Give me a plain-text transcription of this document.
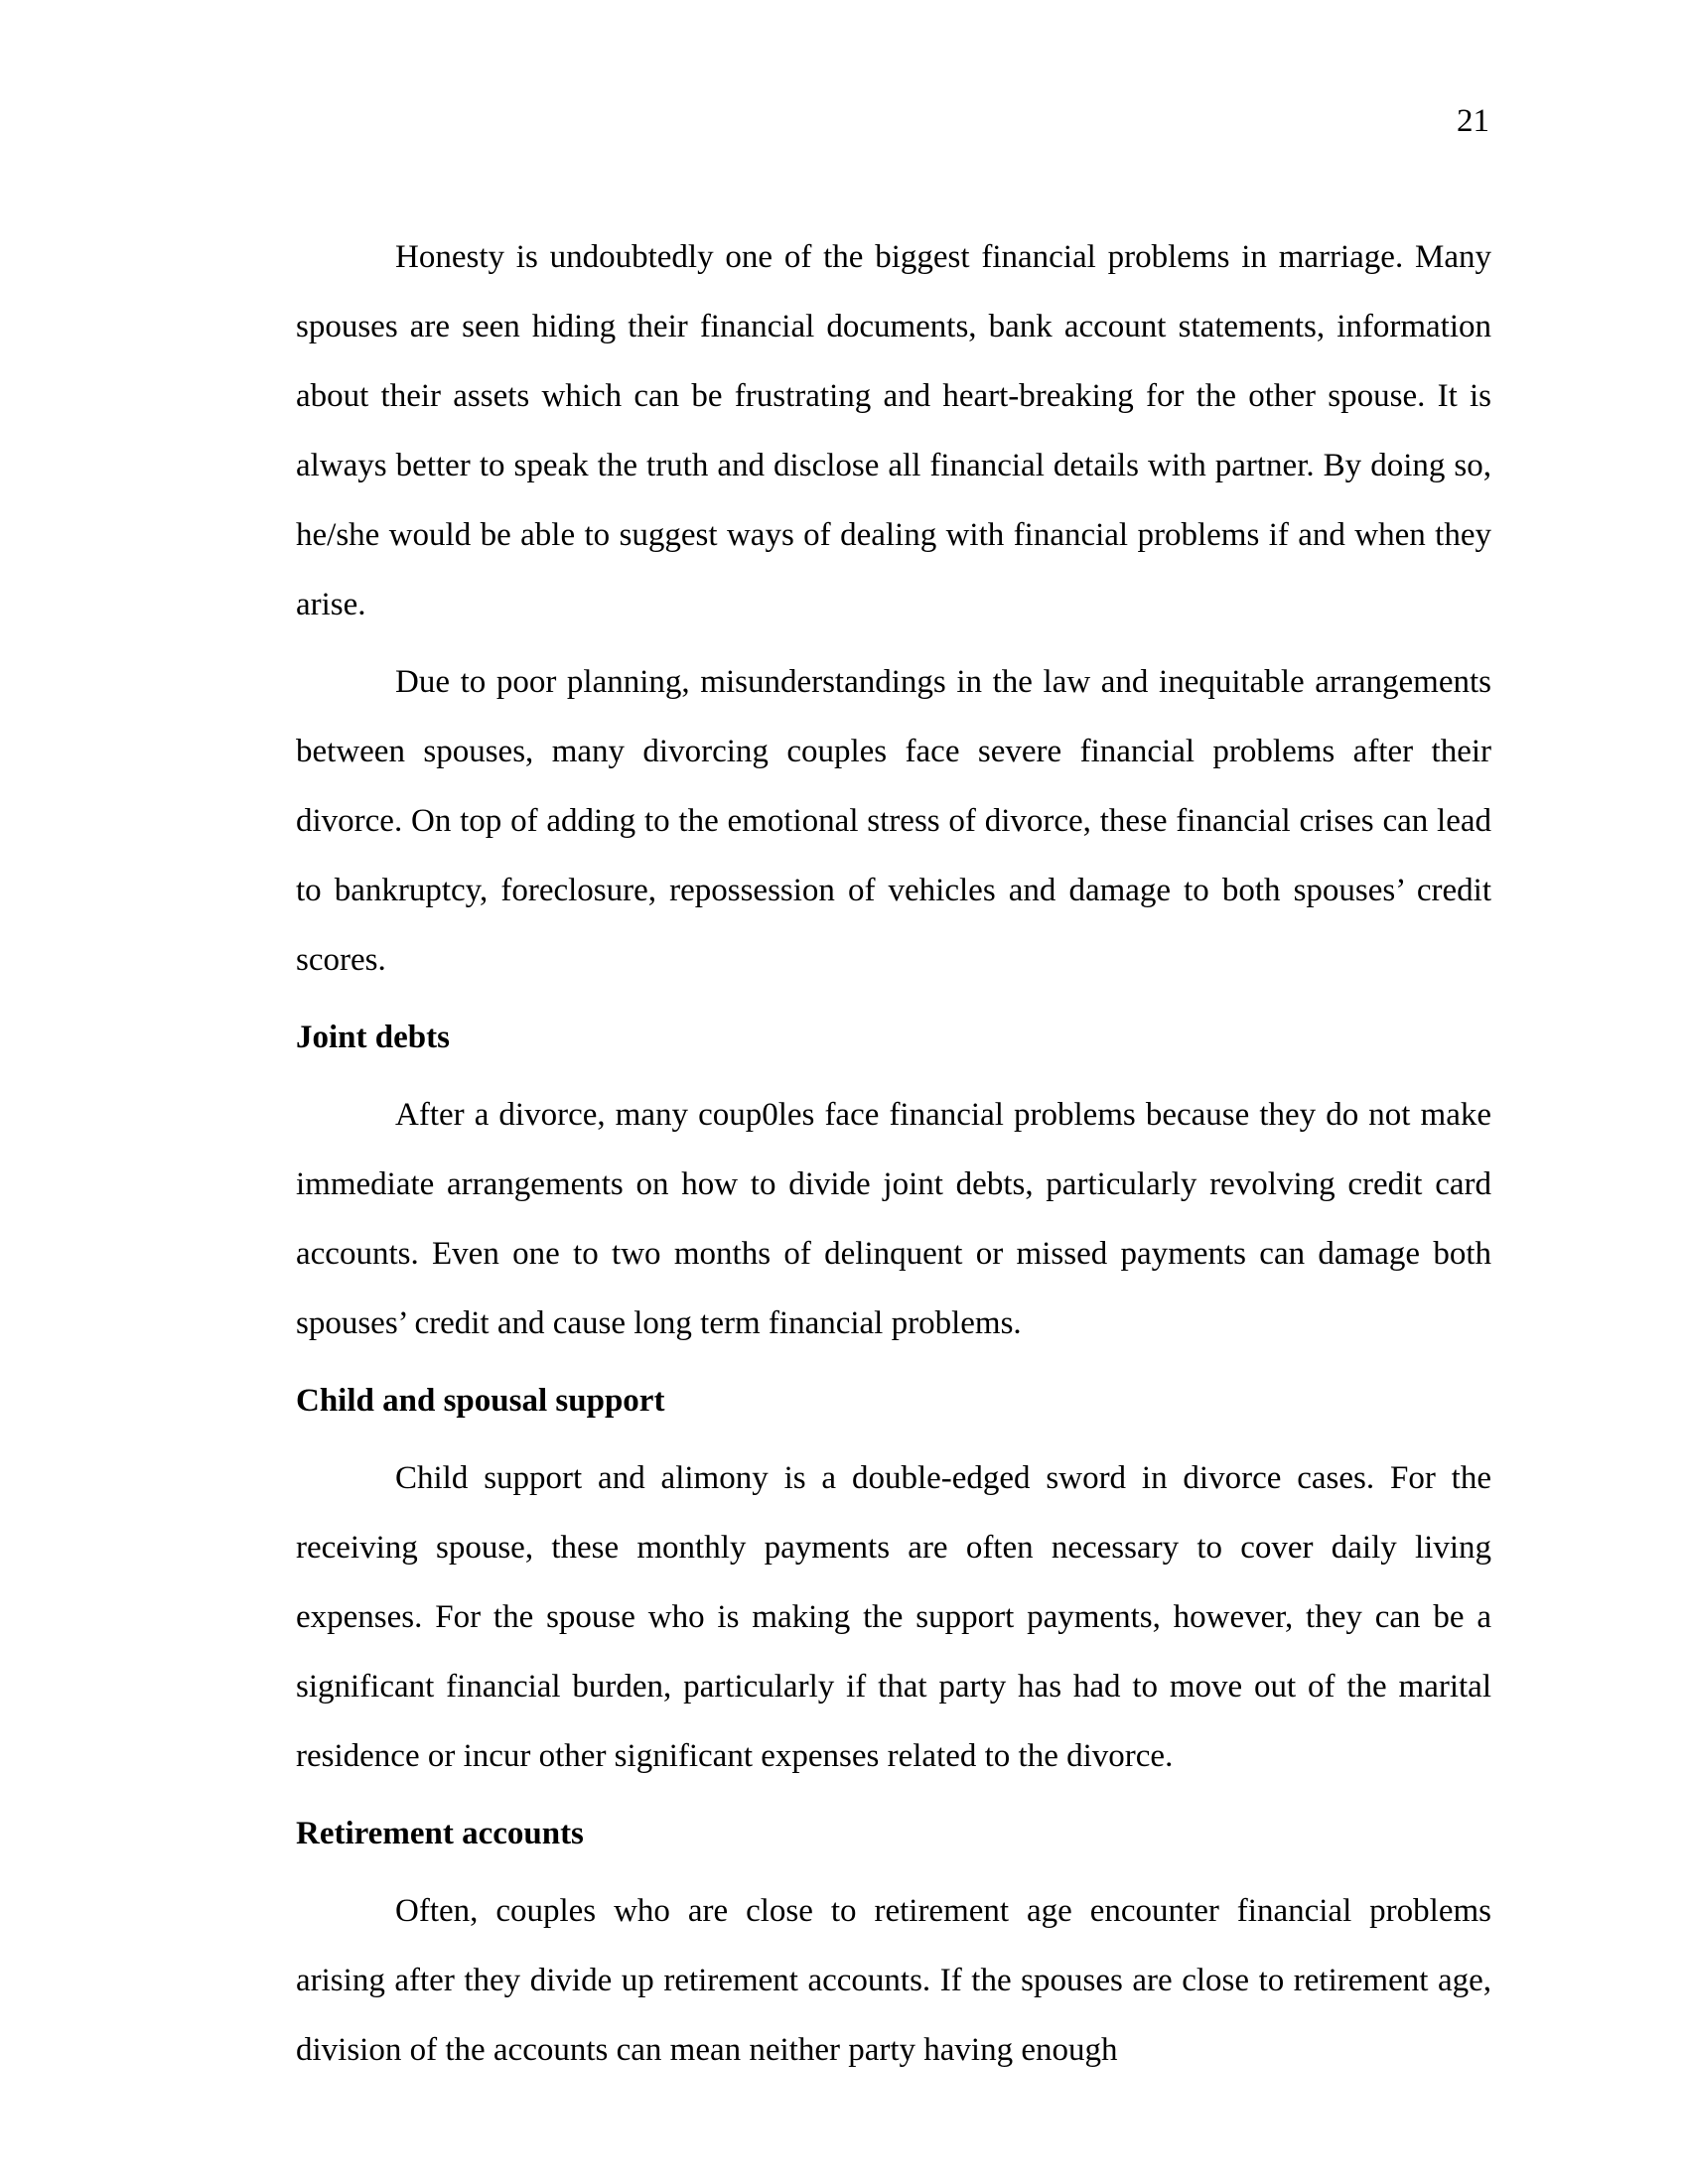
21

Honesty is undoubtedly one of the biggest financial problems in marriage. Many spouses are seen hiding their financial documents, bank account statements, information about their assets which can be frustrating and heart-breaking for the other spouse. It is always better to speak the truth and disclose all financial details with partner. By doing so, he/she would be able to suggest ways of dealing with financial problems if and when they arise.

Due to poor planning, misunderstandings in the law and inequitable arrangements between spouses, many divorcing couples face severe financial problems after their divorce. On top of adding to the emotional stress of divorce, these financial crises can lead to bankruptcy, foreclosure, repossession of vehicles and damage to both spouses’ credit scores.

Joint debts

After a divorce, many coup0les face financial problems because they do not make immediate arrangements on how to divide joint debts, particularly revolving credit card accounts. Even one to two months of delinquent or missed payments can damage both spouses’ credit and cause long term financial problems.

Child and spousal support

Child support and alimony is a double-edged sword in divorce cases. For the receiving spouse, these monthly payments are often necessary to cover daily living expenses. For the spouse who is making the support payments, however, they can be a significant financial burden, particularly if that party has had to move out of the marital residence or incur other significant expenses related to the divorce.

Retirement accounts

Often, couples who are close to retirement age encounter financial problems arising after they divide up retirement accounts. If the spouses are close to retirement age, division of the accounts can mean neither party having enough
